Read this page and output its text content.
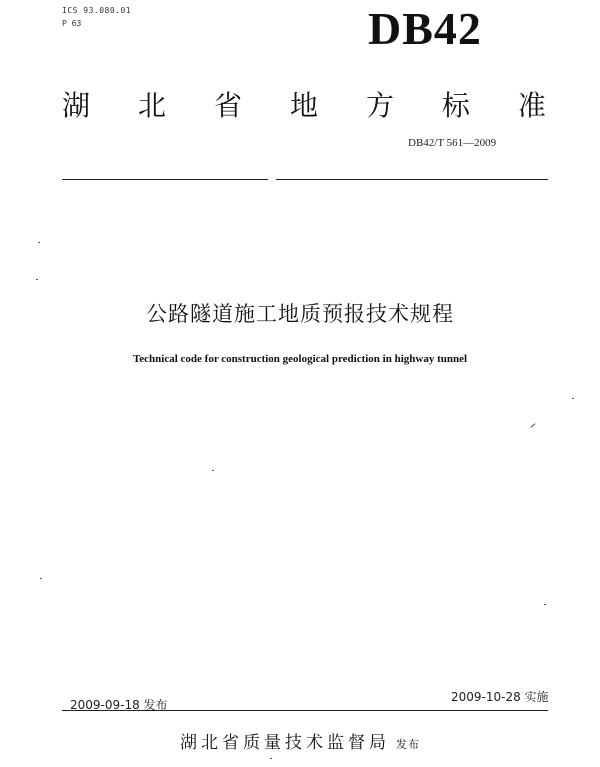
ICS 93.080.01
P 63	DB42
湖 北 省 地 方 标 准
DB42/T 561—2009
公路隧道施工地质预报技术规程
Technical code for construction geological prediction in highway tunnel
2009-09-18 发布
2009-10-28 实施
湖北省质量技术监督局 发布
